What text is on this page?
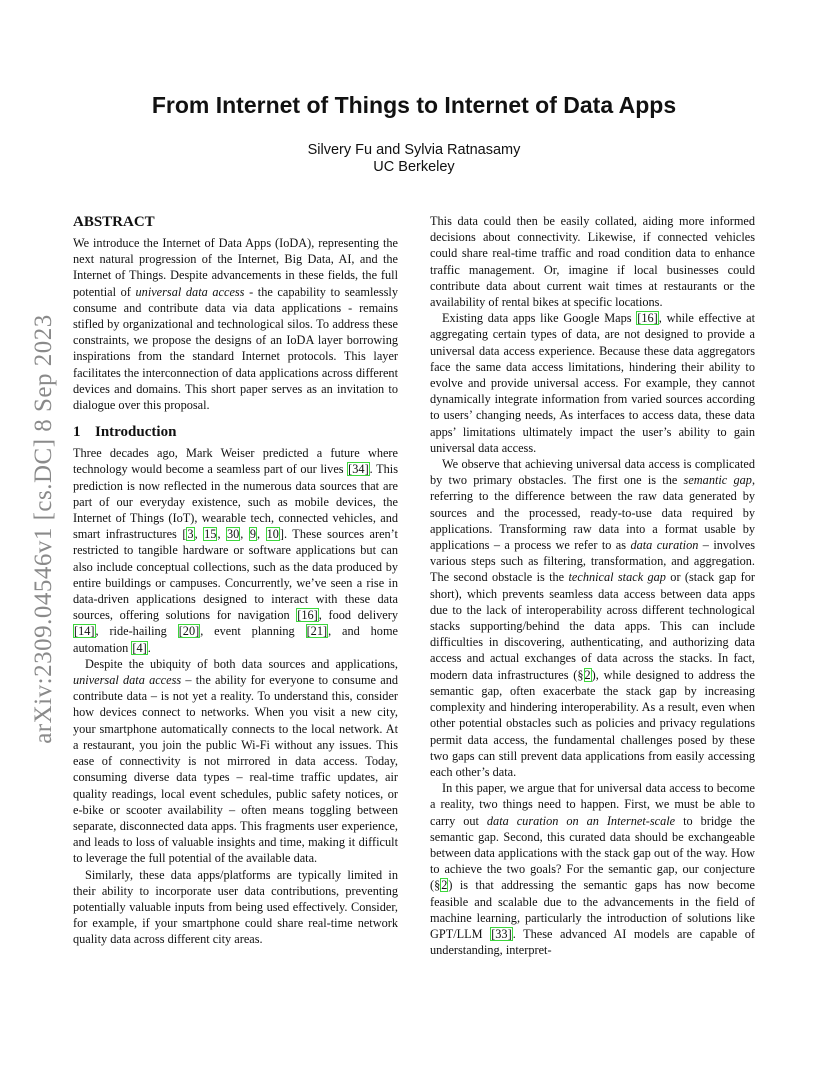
arXiv:2309.04546v1 [cs.DC] 8 Sep 2023
From Internet of Things to Internet of Data Apps
Silvery Fu and Sylvia Ratnasamy
UC Berkeley
ABSTRACT

We introduce the Internet of Data Apps (IoDA), representing the next natural progression of the Internet, Big Data, AI, and the Internet of Things. Despite advancements in these fields, the full potential of universal data access - the capability to seamlessly consume and contribute data via data applications - remains stifled by organizational and technological silos. To address these constraints, we propose the designs of an IoDA layer borrowing inspirations from the standard Internet protocols. This layer facilitates the interconnection of data applications across different devices and domains. This short paper serves as an invitation to dialogue over this proposal.

1 Introduction

Three decades ago, Mark Weiser predicted a future where technology would become a seamless part of our lives [34]. This prediction is now reflected in the numerous data sources that are part of our everyday existence, such as mobile devices, the Internet of Things (IoT), wearable tech, connected vehicles, and smart infrastructures [3, 15, 30, 9, 10]. These sources aren’t restricted to tangible hardware or software applications but can also include conceptual collections, such as the data produced by entire buildings or campuses. Concurrently, we’ve seen a rise in data-driven applications designed to interact with these data sources, offering solutions for navigation [16], food delivery [14], ride-hailing [20], event planning [21], and home automation [4].

Despite the ubiquity of both data sources and applications, universal data access – the ability for everyone to consume and contribute data – is not yet a reality. To understand this, consider how devices connect to networks. When you visit a new city, your smartphone automatically connects to the local network. At a restaurant, you join the public Wi-Fi without any issues. This ease of connectivity is not mirrored in data access. Today, consuming diverse data types – real-time traffic updates, air quality readings, local event schedules, public safety notices, or e-bike or scooter availability – often means toggling between separate, disconnected data apps. This fragments user experience, and leads to loss of valuable insights and time, making it difficult to leverage the full potential of the available data.

Similarly, these data apps/platforms are typically limited in their ability to incorporate user data contributions, preventing potentially valuable inputs from being used effectively. Consider, for example, if your smartphone could share real-time network quality data across different city areas.

This data could then be easily collated, aiding more informed decisions about connectivity. Likewise, if connected vehicles could share real-time traffic and road condition data to enhance traffic management. Or, imagine if local businesses could contribute data about current wait times at restaurants or the availability of rental bikes at specific locations.

Existing data apps like Google Maps [16], while effective at aggregating certain types of data, are not designed to provide a universal data access experience. Because these data aggregators face the same data access limitations, hindering their ability to evolve and provide universal access. For example, they cannot dynamically integrate information from varied sources according to users’ changing needs, As interfaces to access data, these data apps’ limitations ultimately impact the user’s ability to gain universal data access.

We observe that achieving universal data access is complicated by two primary obstacles. The first one is the semantic gap, referring to the difference between the raw data generated by sources and the processed, ready-to-use data required by applications. Transforming raw data into a format usable by applications – a process we refer to as data curation – involves various steps such as filtering, transformation, and aggregation. The second obstacle is the technical stack gap or (stack gap for short), which prevents seamless data access between data apps due to the lack of interoperability across different technological stacks supporting/behind the data apps. This can include difficulties in discovering, authenticating, and authorizing data access and actual exchanges of data across the stacks. In fact, modern data infrastructures (§2), while designed to address the semantic gap, often exacerbate the stack gap by increasing complexity and hindering interoperability. As a result, even when other potential obstacles such as policies and privacy regulations permit data access, the fundamental challenges posed by these two gaps can still prevent data applications from easily accessing each other’s data.

In this paper, we argue that for universal data access to become a reality, two things need to happen. First, we must be able to carry out data curation on an Internet-scale to bridge the semantic gap. Second, this curated data should be exchangeable between data applications with the stack gap out of the way. How to achieve the two goals? For the semantic gap, our conjecture (§2) is that addressing the semantic gaps has now become feasible and scalable due to the advancements in the field of machine learning, particularly the introduction of solutions like GPT/LLM [33]. These advanced AI models are capable of understanding, interpret-
